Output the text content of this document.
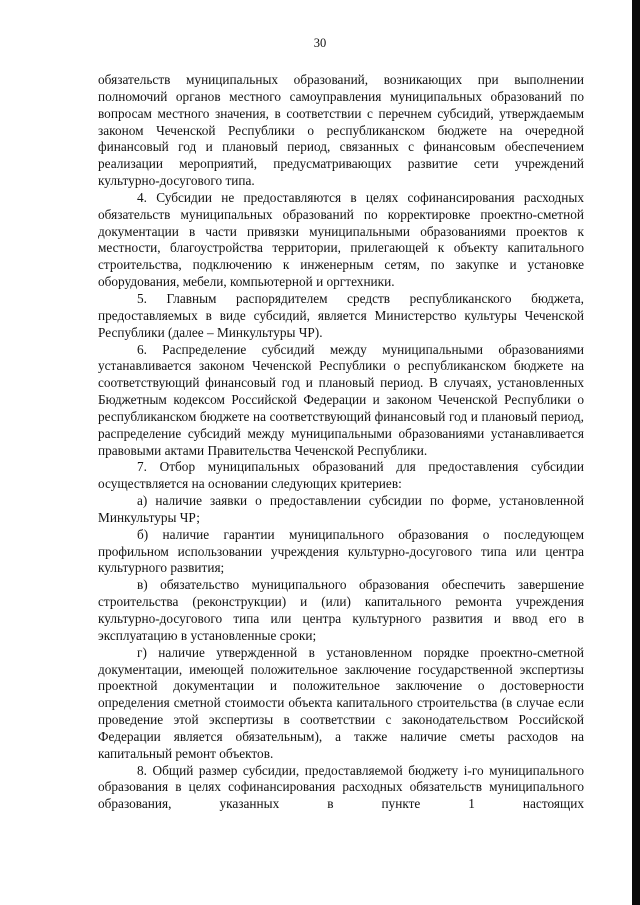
30

обязательств муниципальных образований, возникающих при выполнении полномочий органов местного самоуправления муниципальных образований по вопросам местного значения, в соответствии с перечнем субсидий, утверждаемым законом Чеченской Республики о республиканском бюджете на очередной финансовый год и плановый период, связанных с финансовым обеспечением реализации мероприятий, предусматривающих развитие сети учреждений культурно-досугового типа.

4. Субсидии не предоставляются в целях софинансирования расходных обязательств муниципальных образований по корректировке проектно-сметной документации в части привязки муниципальными образованиями проектов к местности, благоустройства территории, прилегающей к объекту капитального строительства, подключению к инженерным сетям, по закупке и установке оборудования, мебели, компьютерной и оргтехники.

5. Главным распорядителем средств республиканского бюджета, предоставляемых в виде субсидий, является Министерство культуры Чеченской Республики (далее – Минкультуры ЧР).

6. Распределение субсидий между муниципальными образованиями устанавливается законом Чеченской Республики о республиканском бюджете на соответствующий финансовый год и плановый период. В случаях, установленных Бюджетным кодексом Российской Федерации и законом Чеченской Республики о республиканском бюджете на соответствующий финансовый год и плановый период, распределение субсидий между муниципальными образованиями устанавливается правовыми актами Правительства Чеченской Республики.

7. Отбор муниципальных образований для предоставления субсидии осуществляется на основании следующих критериев:

а) наличие заявки о предоставлении субсидии по форме, установленной Минкультуры ЧР;

б) наличие гарантии муниципального образования о последующем профильном использовании учреждения культурно-досугового типа или центра культурного развития;

в) обязательство муниципального образования обеспечить завершение строительства (реконструкции) и (или) капитального ремонта учреждения культурно-досугового типа или центра культурного развития и ввод его в эксплуатацию в установленные сроки;

г) наличие утвержденной в установленном порядке проектно-сметной документации, имеющей положительное заключение государственной экспертизы проектной документации и положительное заключение о достоверности определения сметной стоимости объекта капитального строительства (в случае если проведение этой экспертизы в соответствии с законодательством Российской Федерации является обязательным), а также наличие сметы расходов на капитальный ремонт объектов.

8. Общий размер субсидии, предоставляемой бюджету i-го муниципального образования в целях софинансирования расходных обязательств муниципального образования, указанных в пункте 1 настоящих
